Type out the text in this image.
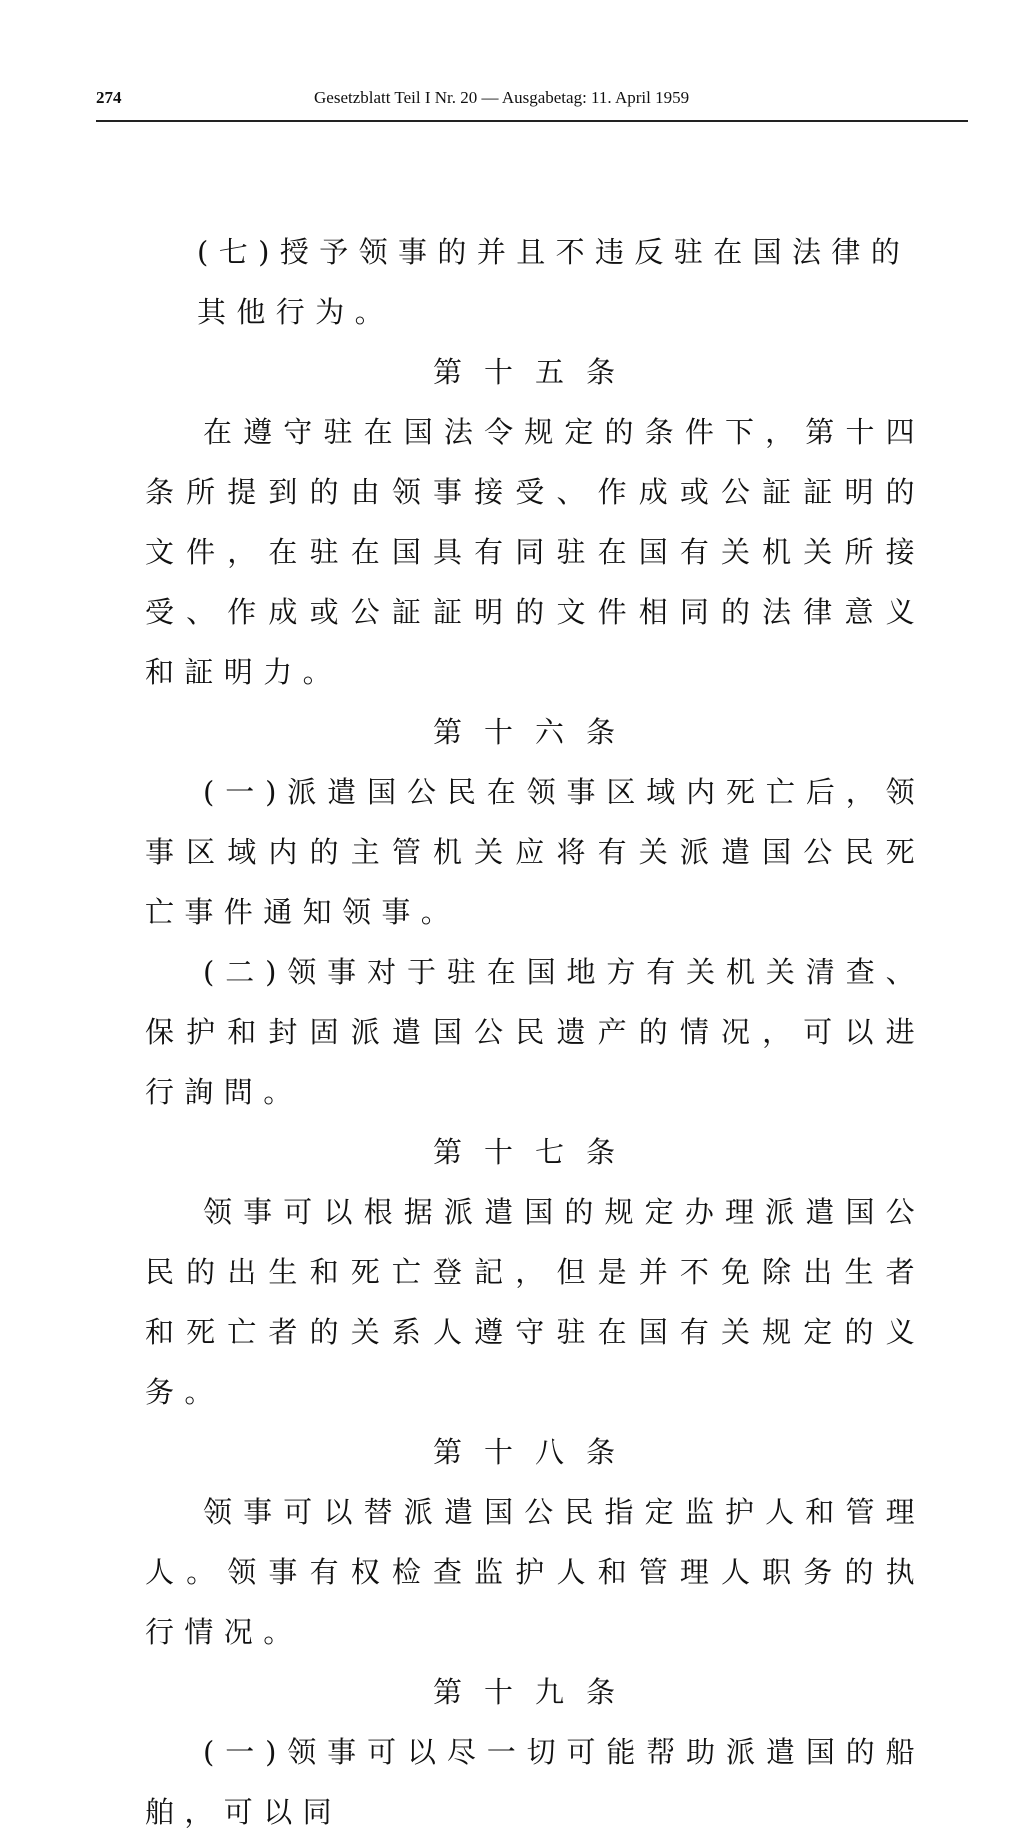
274	Gesetzblatt Teil I Nr. 20 — Ausgabetag: 11. April 1959

(七)授予领事的并且不违反驻在国法律的其他行为。

第十五条

在遵守驻在国法令规定的条件下，第十四条所提到的由领事接受、作成或公証証明的文件，在驻在国具有同驻在国有关机关所接受、作成或公証証明的文件相同的法律意义和証明力。

第十六条

(一)派遣国公民在领事区域内死亡后，领事区域内的主管机关应将有关派遣国公民死亡事件通知领事。

(二)领事对于驻在国地方有关机关清查、保护和封固派遣国公民遗产的情况，可以进行詢問。

第十七条

领事可以根据派遣国的规定办理派遣国公民的出生和死亡登記，但是并不免除出生者和死亡者的关系人遵守驻在国有关规定的义务。

第十八条

领事可以替派遣国公民指定监护人和管理人。领事有权检查监护人和管理人职务的执行情况。

第十九条

(一)领事可以尽一切可能帮助派遣国的船舶，可以同
